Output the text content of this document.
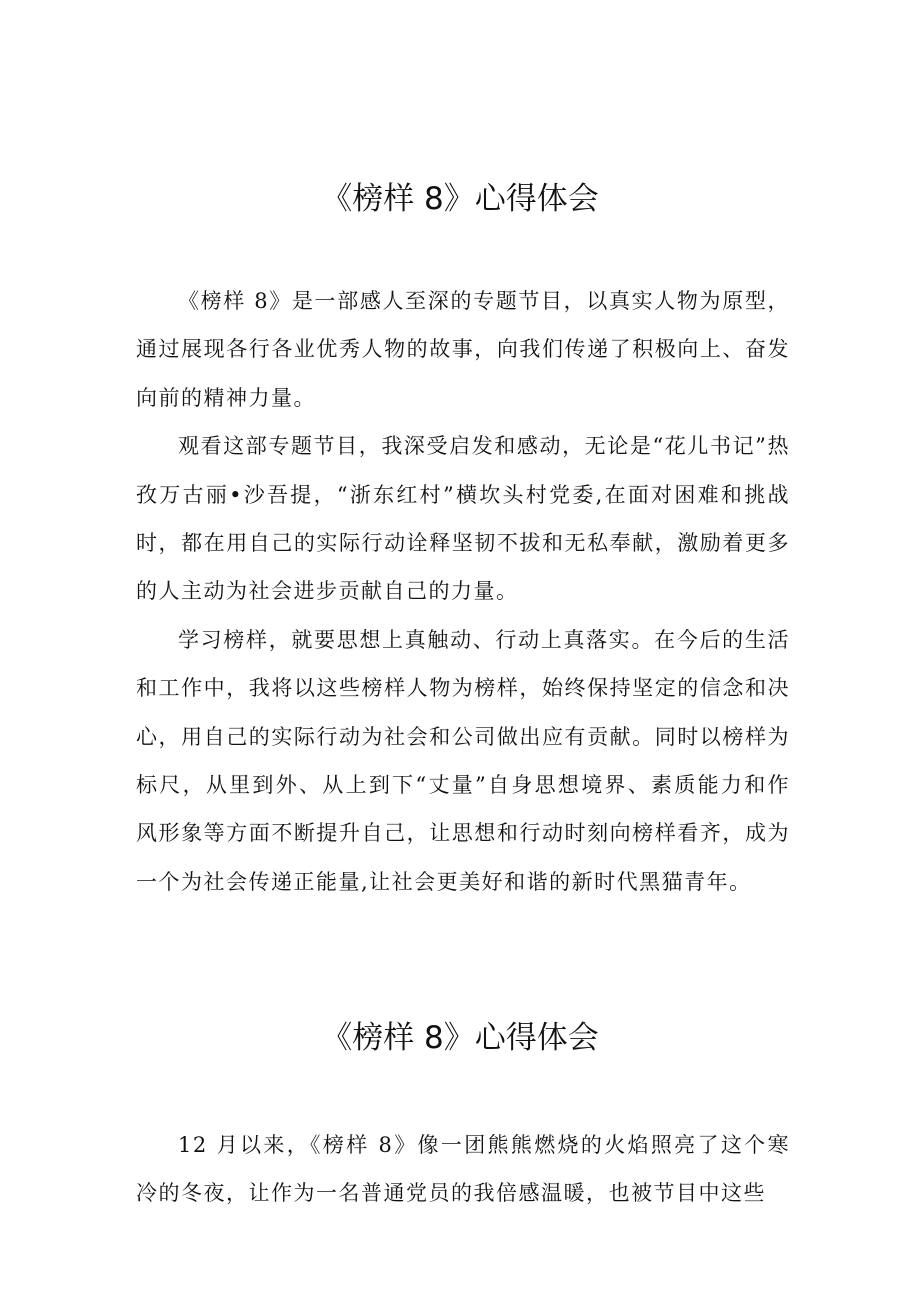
《榜样 8》心得体会

《榜样 8》是一部感人至深的专题节目，以真实人物为原型，通过展现各行各业优秀人物的故事，向我们传递了积极向上、奋发向前的精神力量。

观看这部专题节目，我深受启发和感动，无论是“花儿书记”热孜万古丽•沙吾提，“浙东红村”横坎头村党委,在面对困难和挑战时，都在用自己的实际行动诠释坚韧不拔和无私奉献，激励着更多的人主动为社会进步贡献自己的力量。

学习榜样，就要思想上真触动、行动上真落实。在今后的生活和工作中，我将以这些榜样人物为榜样，始终保持坚定的信念和决心，用自己的实际行动为社会和公司做出应有贡献。同时以榜样为标尺，从里到外、从上到下“丈量”自身思想境界、素质能力和作风形象等方面不断提升自己，让思想和行动时刻向榜样看齐，成为一个为社会传递正能量,让社会更美好和谐的新时代黑猫青年。

《榜样 8》心得体会

12 月以来，《榜样 8》像一团熊熊燃烧的火焰照亮了这个寒冷的冬夜，让作为一名普通党员的我倍感温暖，也被节目中这些
